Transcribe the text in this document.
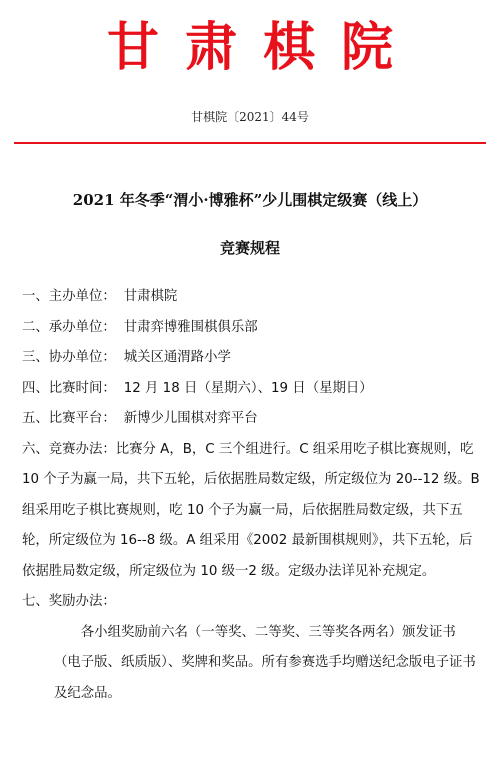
甘肃棋院
甘棋院〔2021〕44号
2021 年冬季“渭小·博雅杯”少儿围棋定级赛（线上）
竞赛规程
一、主办单位： 甘肃棋院
二、承办单位： 甘肃弈博雅围棋俱乐部
三、协办单位： 城关区通渭路小学
四、比赛时间： 12 月 18 日（星期六）、19 日（星期日）
五、比赛平台： 新博少儿围棋对弈平台
六、竞赛办法：比赛分 A，B，C 三个组进行。C 组采用吃子棋比赛规则，吃 10 个子为赢一局，共下五轮，后依据胜局数定级，所定级位为 20--12 级。B 组采用吃子棋比赛规则，吃 10 个子为赢一局，后依据胜局数定级，共下五轮，所定级位为 16--8 级。A 组采用《2002 最新围棋规则》，共下五轮，后依据胜局数定级，所定级位为 10 级一2 级。定级办法详见补充规定。
七、奖励办法：
各小组奖励前六名（一等奖、二等奖、三等奖各两名）颁发证书（电子版、纸质版）、奖牌和奖品。所有参赛选手均赠送纪念版电子证书及纪念品。
